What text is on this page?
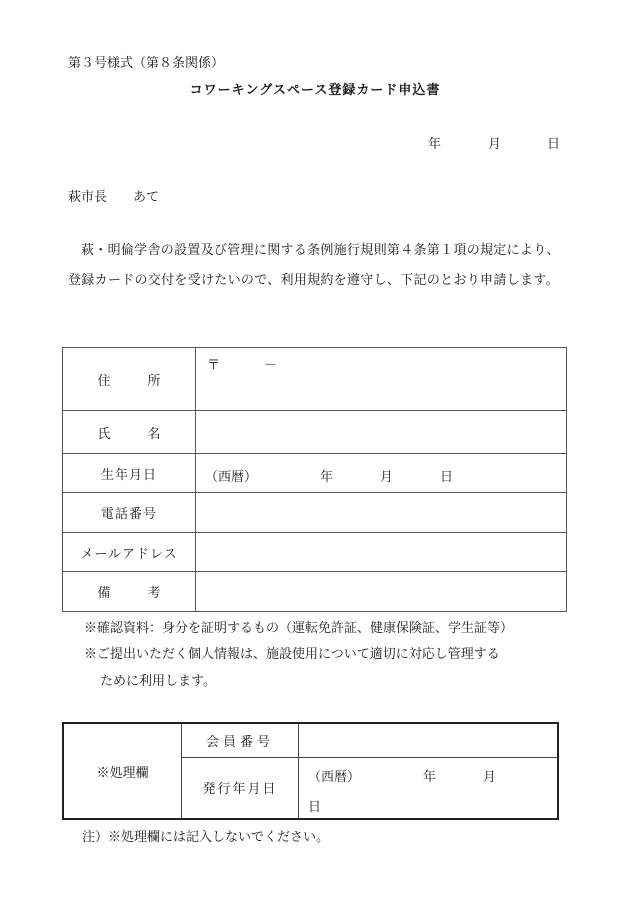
第３号様式（第８条関係）
コワーキングスペース登録カード申込書
年	月	日
萩市長 あて
萩・明倫学舎の設置及び管理に関する条例施行規則第４条第１項の規定により、登録カードの交付を受けたいので、利用規約を遵守し、下記のとおり申請します。
住　所	〒 －

氏　名	
生年月日	（西暦） 年 月 日

電話番号	
メールアドレス	
備　考	
※確認資料：身分を証明するもの（運転免許証、健康保険証、学生証等）
※ご提出いただく個人情報は、施設使用について適切に対応し管理する
ために利用します。
※処理欄	会員番号	
	発行年月日	（西暦） 年 月
日
注）※処理欄には記入しないでください。
